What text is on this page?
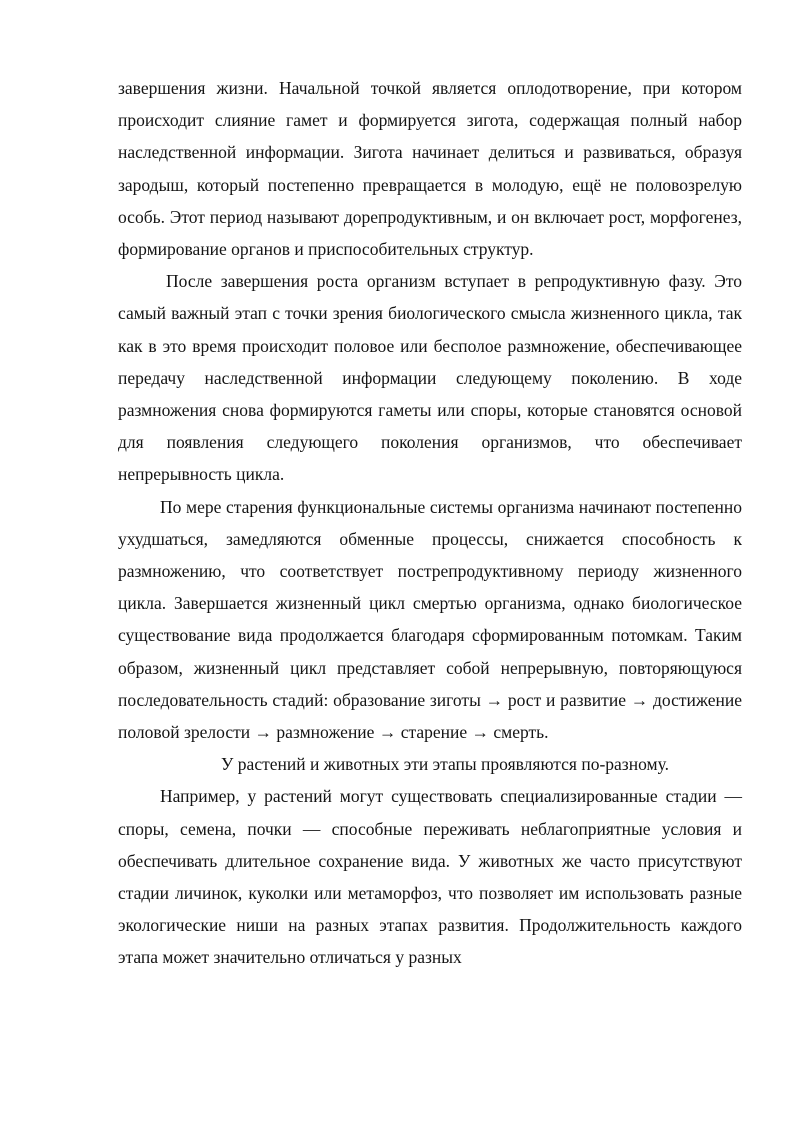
завершения жизни. Начальной точкой является оплодотворение, при котором происходит слияние гамет и формируется зигота, содержащая полный набор наследственной информации. Зигота начинает делиться и развиваться, образуя зародыш, который постепенно превращается в молодую, ещё не половозрелую особь. Этот период называют дорепродуктивным, и он включает рост, морфогенез, формирование органов и приспособительных структур.

После завершения роста организм вступает в репродуктивную фазу. Это самый важный этап с точки зрения биологического смысла жизненного цикла, так как в это время происходит половое или бесполое размножение, обеспечивающее передачу наследственной информации следующему поколению. В ходе размножения снова формируются гаметы или споры, которые становятся основой для появления следующего поколения организмов, что обеспечивает непрерывность цикла.

По мере старения функциональные системы организма начинают постепенно ухудшаться, замедляются обменные процессы, снижается способность к размножению, что соответствует пострепродуктивному периоду жизненного цикла. Завершается жизненный цикл смертью организма, однако биологическое существование вида продолжается благодаря сформированным потомкам. Таким образом, жизненный цикл представляет собой непрерывную, повторяющуюся последовательность стадий: образование зиготы → рост и развитие → достижение половой зрелости → размножение → старение → смерть.

У растений и животных эти этапы проявляются по-разному.

Например, у растений могут существовать специализированные стадии — споры, семена, почки — способные переживать неблагоприятные условия и обеспечивать длительное сохранение вида. У животных же часто присутствуют стадии личинок, куколки или метаморфоз, что позволяет им использовать разные экологические ниши на разных этапах развития. Продолжительность каждого этапа может значительно отличаться у разных
